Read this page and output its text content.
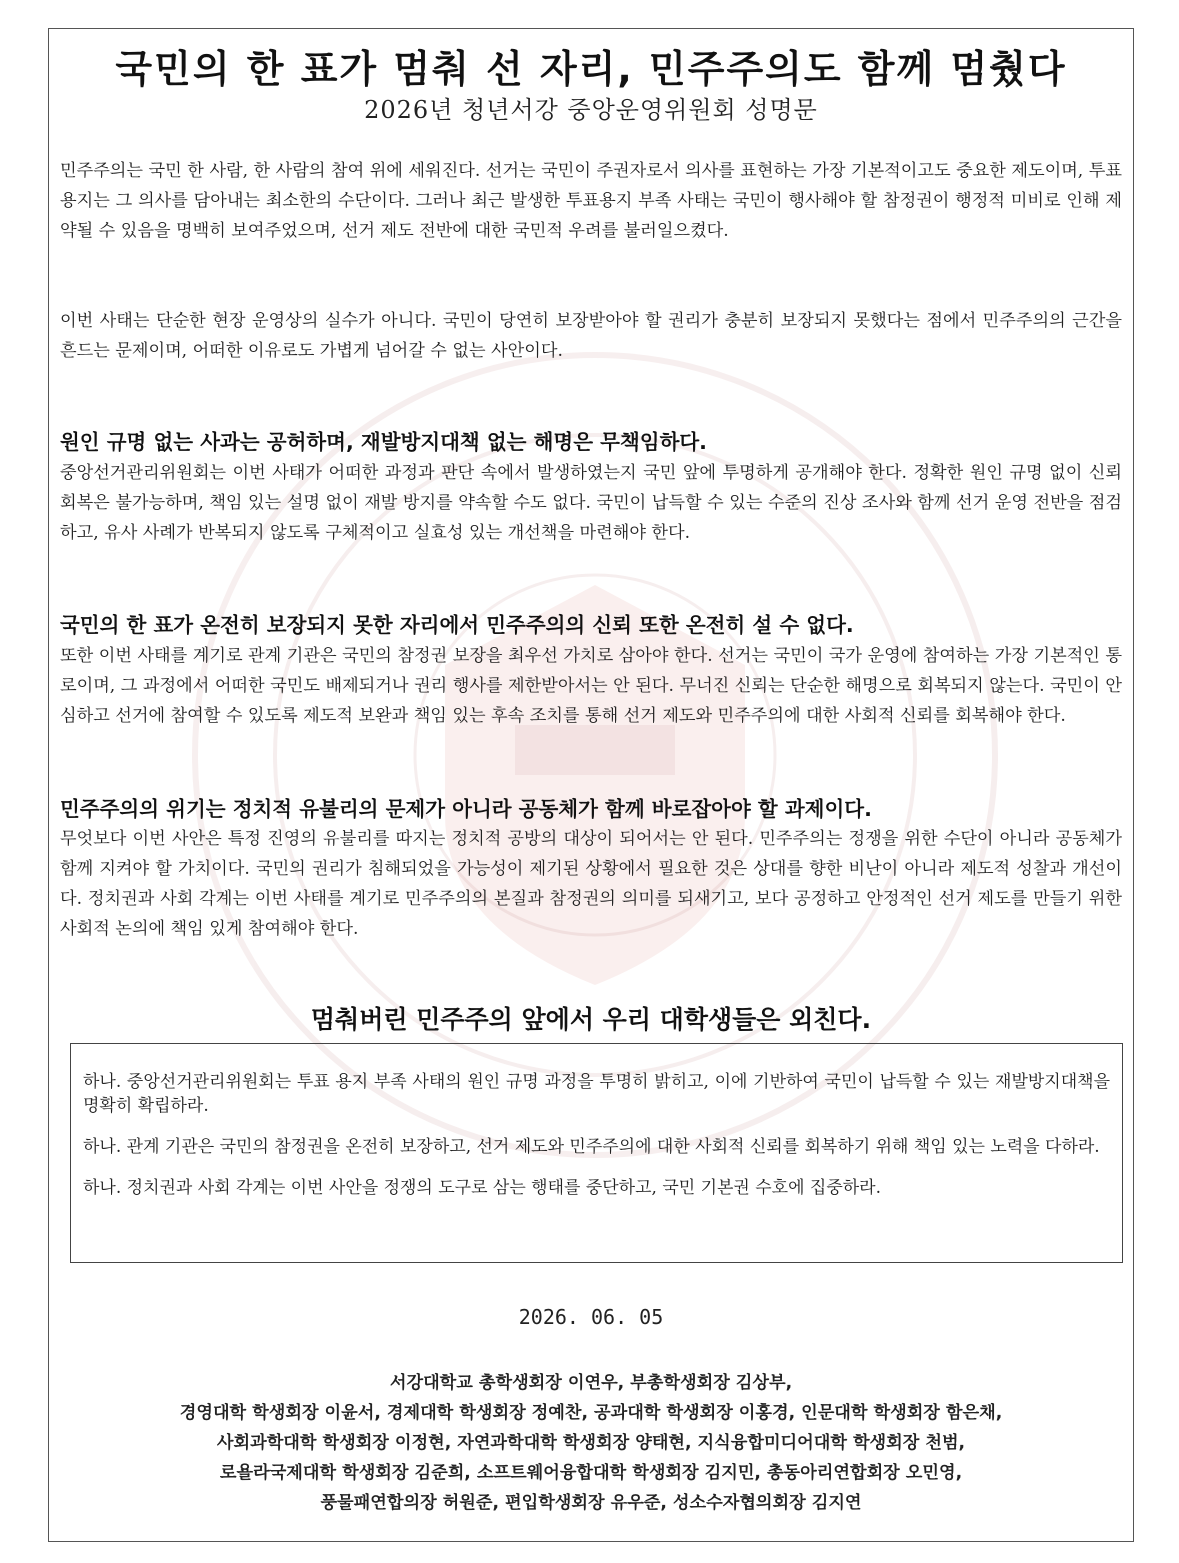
국민의 한 표가 멈춰 선 자리, 민주주의도 함께 멈췄다
2026년 청년서강 중앙운영위원회 성명문
민주주의는 국민 한 사람, 한 사람의 참여 위에 세워진다. 선거는 국민이 주권자로서 의사를 표현하는 가장 기본적이고도 중요한 제도이며, 투표용지는 그 의사를 담아내는 최소한의 수단이다. 그러나 최근 발생한 투표용지 부족 사태는 국민이 행사해야 할 참정권이 행정적 미비로 인해 제약될 수 있음을 명백히 보여주었으며, 선거 제도 전반에 대한 국민적 우려를 불러일으켰다.
이번 사태는 단순한 현장 운영상의 실수가 아니다. 국민이 당연히 보장받아야 할 권리가 충분히 보장되지 못했다는 점에서 민주주의의 근간을 흔드는 문제이며, 어떠한 이유로도 가볍게 넘어갈 수 없는 사안이다.
원인 규명 없는 사과는 공허하며, 재발방지대책 없는 해명은 무책임하다.
중앙선거관리위원회는 이번 사태가 어떠한 과정과 판단 속에서 발생하였는지 국민 앞에 투명하게 공개해야 한다. 정확한 원인 규명 없이 신뢰 회복은 불가능하며, 책임 있는 설명 없이 재발 방지를 약속할 수도 없다. 국민이 납득할 수 있는 수준의 진상 조사와 함께 선거 운영 전반을 점검하고, 유사 사례가 반복되지 않도록 구체적이고 실효성 있는 개선책을 마련해야 한다.
국민의 한 표가 온전히 보장되지 못한 자리에서 민주주의의 신뢰 또한 온전히 설 수 없다.
또한 이번 사태를 계기로 관계 기관은 국민의 참정권 보장을 최우선 가치로 삼아야 한다. 선거는 국민이 국가 운영에 참여하는 가장 기본적인 통로이며, 그 과정에서 어떠한 국민도 배제되거나 권리 행사를 제한받아서는 안 된다. 무너진 신뢰는 단순한 해명으로 회복되지 않는다. 국민이 안심하고 선거에 참여할 수 있도록 제도적 보완과 책임 있는 후속 조치를 통해 선거 제도와 민주주의에 대한 사회적 신뢰를 회복해야 한다.
민주주의의 위기는 정치적 유불리의 문제가 아니라 공동체가 함께 바로잡아야 할 과제이다.
무엇보다 이번 사안은 특정 진영의 유불리를 따지는 정치적 공방의 대상이 되어서는 안 된다. 민주주의는 정쟁을 위한 수단이 아니라 공동체가 함께 지켜야 할 가치이다. 국민의 권리가 침해되었을 가능성이 제기된 상황에서 필요한 것은 상대를 향한 비난이 아니라 제도적 성찰과 개선이다. 정치권과 사회 각계는 이번 사태를 계기로 민주주의의 본질과 참정권의 의미를 되새기고, 보다 공정하고 안정적인 선거 제도를 만들기 위한 사회적 논의에 책임 있게 참여해야 한다.
멈춰버린 민주주의 앞에서 우리 대학생들은 외친다.
하나. 중앙선거관리위원회는 투표 용지 부족 사태의 원인 규명 과정을 투명히 밝히고, 이에 기반하여 국민이 납득할 수 있는 재발방지대책을 명확히 확립하라.
하나. 관계 기관은 국민의 참정권을 온전히 보장하고, 선거 제도와 민주주의에 대한 사회적 신뢰를 회복하기 위해 책임 있는 노력을 다하라.
하나. 정치권과 사회 각계는 이번 사안을 정쟁의 도구로 삼는 행태를 중단하고, 국민 기본권 수호에 집중하라.
2026. 06. 05
서강대학교 총학생회장 이연우, 부총학생회장 김상부,
경영대학 학생회장 이윤서, 경제대학 학생회장 정예찬, 공과대학 학생회장 이홍경, 인문대학 학생회장 함은채,
사회과학대학 학생회장 이정현, 자연과학대학 학생회장 양태현, 지식융합미디어대학 학생회장 천범,
로욜라국제대학 학생회장 김준희, 소프트웨어융합대학 학생회장 김지민, 총동아리연합회장 오민영,
풍물패연합의장 허원준, 편입학생회장 유우준, 성소수자협의회장 김지연
